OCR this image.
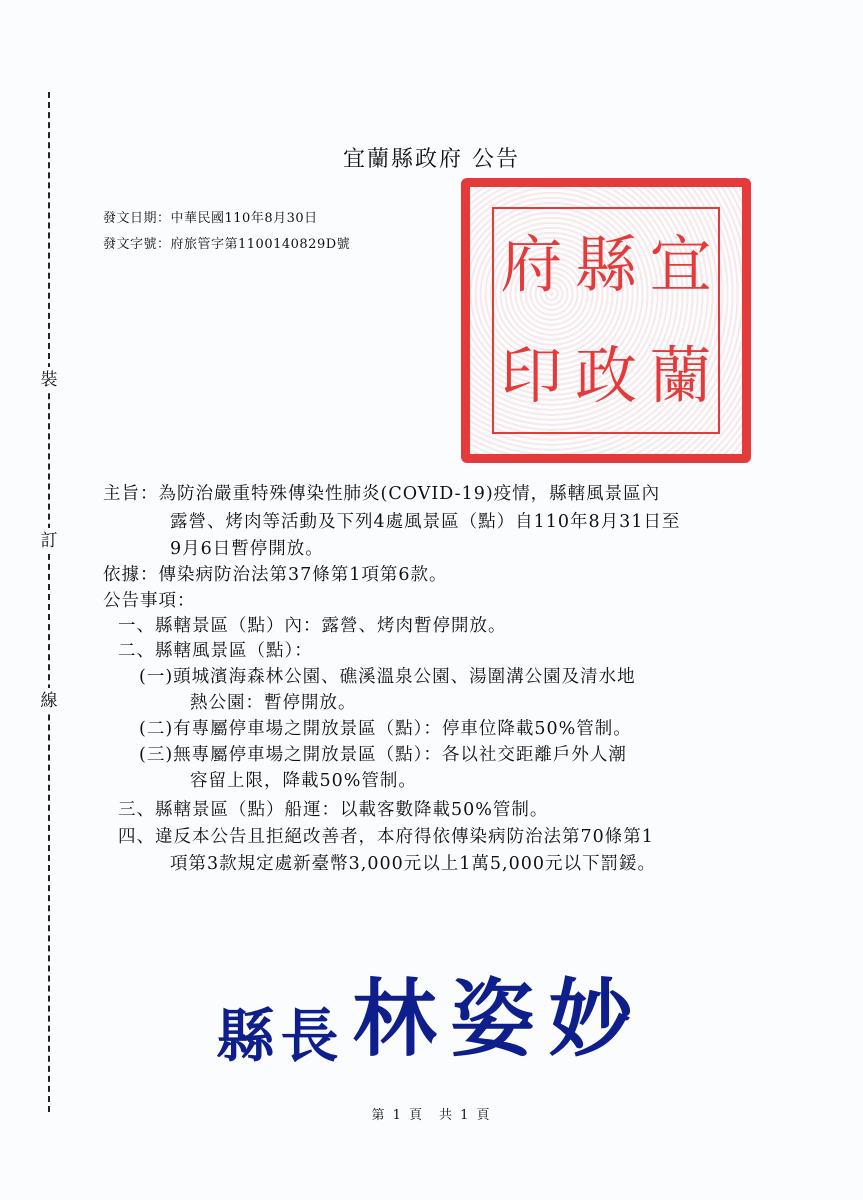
裝
訂
線
宜蘭縣政府 公告
發文日期：中華民國110年8月30日
發文字號：府旅管字第1100140829D號	宜
蘭
縣
政
府
印
主旨：為防治嚴重特殊傳染性肺炎(COVID-19)疫情，縣轄風景區內
露營、烤肉等活動及下列4處風景區（點）自110年8月31日至
9月6日暫停開放。
依據：傳染病防治法第37條第1項第6款。
公告事項：
一、縣轄景區（點）內：露營、烤肉暫停開放。
二、縣轄風景區（點）：
(一)頭城濱海森林公園、礁溪溫泉公園、湯圍溝公園及清水地
熱公園：暫停開放。
(二)有專屬停車場之開放景區（點）：停車位降載50%管制。
(三)無專屬停車場之開放景區（點）：各以社交距離戶外人潮
容留上限，降載50%管制。
三、縣轄景區（點）船運：以載客數降載50%管制。
四、違反本公告且拒絕改善者，本府得依傳染病防治法第70條第1
項第3款規定處新臺幣3,000元以上1萬5,000元以下罰鍰。
縣長林姿妙
第 1 頁　共 1 頁
